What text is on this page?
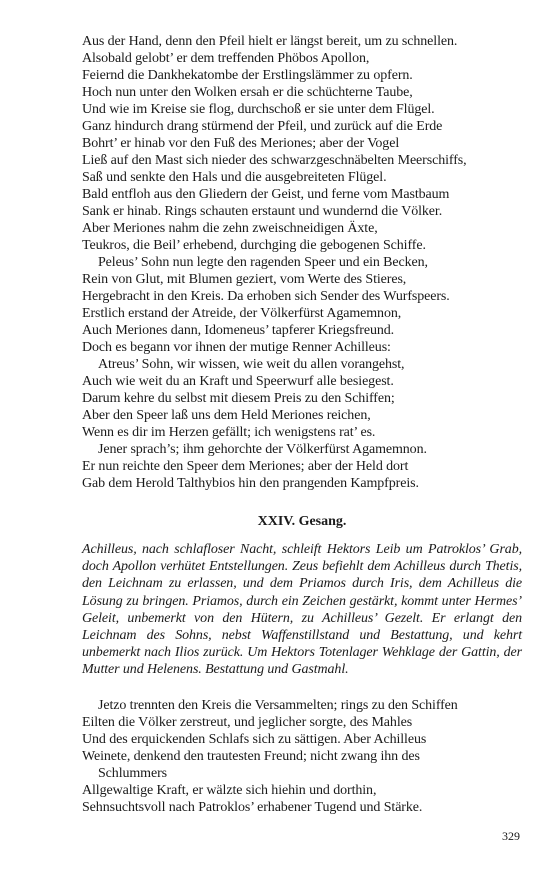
Aus der Hand, denn den Pfeil hielt er längst bereit, um zu schnellen.
Alsobald gelobt’ er dem treffenden Phöbos Apollon,
Feiernd die Dankhekatombe der Erstlingslämmer zu opfern.
Hoch nun unter den Wolken ersah er die schüchterne Taube,
Und wie im Kreise sie flog, durchschoß er sie unter dem Flügel.
Ganz hindurch drang stürmend der Pfeil, und zurück auf die Erde
Bohrt’ er hinab vor den Fuß des Meriones; aber der Vogel
Ließ auf den Mast sich nieder des schwarzgeschnäbelten Meerschiffs,
Saß und senkte den Hals und die ausgebreiteten Flügel.
Bald entfloh aus den Gliedern der Geist, und ferne vom Mastbaum
Sank er hinab. Rings schauten erstaunt und wundernd die Völker.
Aber Meriones nahm die zehn zweischneidigen Äxte,
Teukros, die Beil’ erhebend, durchging die gebogenen Schiffe.
Peleus’ Sohn nun legte den ragenden Speer und ein Becken,
Rein von Glut, mit Blumen geziert, vom Werte des Stieres,
Hergebracht in den Kreis. Da erhoben sich Sender des Wurfspeers.
Erstlich erstand der Atreide, der Völkerfürst Agamemnon,
Auch Meriones dann, Idomeneus’ tapferer Kriegsfreund.
Doch es begann vor ihnen der mutige Renner Achilleus:
Atreus’ Sohn, wir wissen, wie weit du allen vorangehst,
Auch wie weit du an Kraft und Speerwurf alle besiegest.
Darum kehre du selbst mit diesem Preis zu den Schiffen;
Aber den Speer laß uns dem Held Meriones reichen,
Wenn es dir im Herzen gefällt; ich wenigstens rat’ es.
Jener sprach’s; ihm gehorchte der Völkerfürst Agamemnon.
Er nun reichte den Speer dem Meriones; aber der Held dort
Gab dem Herold Talthybios hin den prangenden Kampfpreis.
XXIV. Gesang.
Achilleus, nach schlafloser Nacht, schleift Hektors Leib um Patroklos’ Grab, doch Apollon verhütet Entstellungen. Zeus befiehlt dem Achilleus durch Thetis, den Leichnam zu erlassen, und dem Priamos durch Iris, dem Achilleus die Lösung zu bringen. Priamos, durch ein Zeichen gestärkt, kommt unter Hermes’ Geleit, unbemerkt von den Hütern, zu Achilleus’ Gezelt. Er erlangt den Leichnam des Sohns, nebst Waffenstillstand und Bestattung, und kehrt unbemerkt nach Ilios zurück. Um Hektors Totenlager Wehklage der Gattin, der Mutter und Helenens. Bestattung und Gastmahl.
Jetzo trennten den Kreis die Versammelten; rings zu den Schiffen
Eilten die Völker zerstreut, und jeglicher sorgte, des Mahles
Und des erquickenden Schlafs sich zu sättigen. Aber Achilleus
Weinete, denkend den trautesten Freund; nicht zwang ihn des
Schlummers
Allgewaltige Kraft, er wälzte sich hiehin und dorthin,
Sehnsuchtsvoll nach Patroklos’ erhabener Tugend und Stärke.
329
